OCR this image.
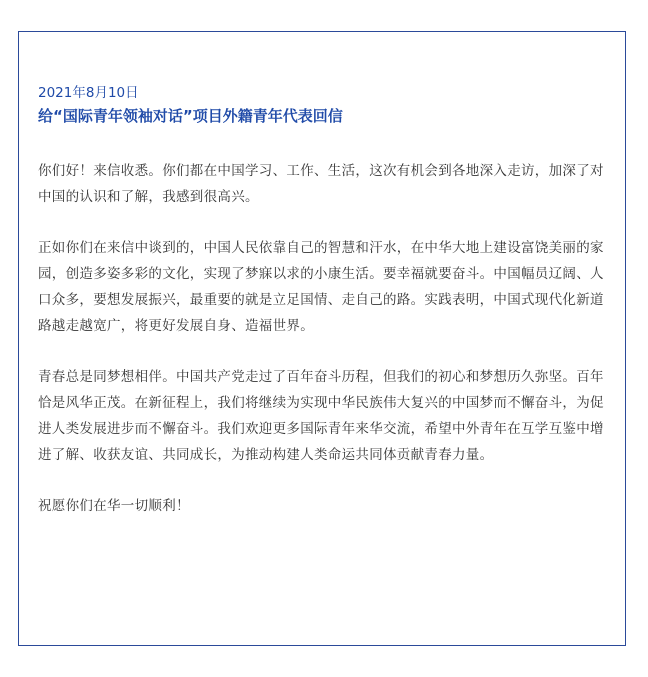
2021年8月10日

给“国际青年领袖对话”项目外籍青年代表回信

你们好！来信收悉。你们都在中国学习、工作、生活，这次有机会到各地深入走访，加深了对中国的认识和了解，我感到很高兴。

正如你们在来信中谈到的，中国人民依靠自己的智慧和汗水，在中华大地上建设富饶美丽的家园，创造多姿多彩的文化，实现了梦寐以求的小康生活。要幸福就要奋斗。中国幅员辽阔、人口众多，要想发展振兴，最重要的就是立足国情、走自己的路。实践表明，中国式现代化新道路越走越宽广，将更好发展自身、造福世界。

青春总是同梦想相伴。中国共产党走过了百年奋斗历程，但我们的初心和梦想历久弥坚。百年恰是风华正茂。在新征程上，我们将继续为实现中华民族伟大复兴的中国梦而不懈奋斗，为促进人类发展进步而不懈奋斗。我们欢迎更多国际青年来华交流，希望中外青年在互学互鉴中增进了解、收获友谊、共同成长，为推动构建人类命运共同体贡献青春力量。

祝愿你们在华一切顺利！
